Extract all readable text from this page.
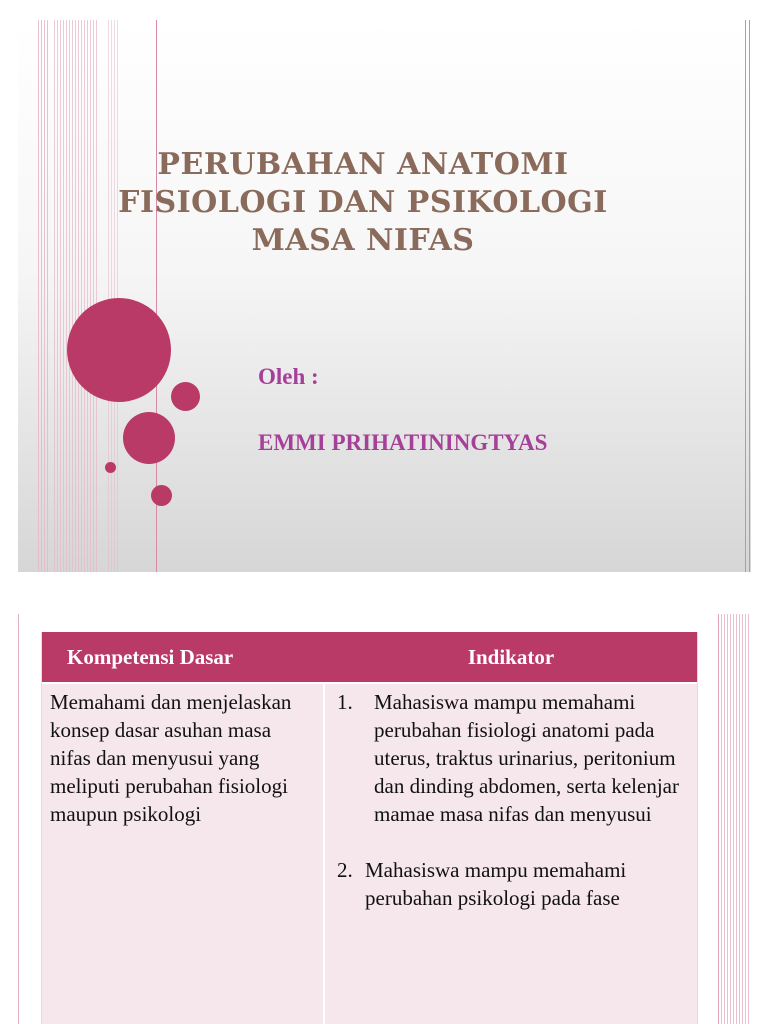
PERUBAHAN ANATOMI
FISIOLOGI DAN PSIKOLOGI
MASA NIFAS
Oleh :
EMMI PRIHATININGTYAS
Kompetensi Dasar	Indikator
Memahami dan menjelaskan konsep dasar asuhan masa nifas dan menyusui yang meliputi perubahan fisiologi maupun psikologi
1.	Mahasiswa mampu memahami perubahan fisiologi anatomi pada uterus, traktus urinarius, peritonium dan dinding abdomen, serta kelenjar mamae masa nifas dan menyusui
2. Mahasiswa mampu memahami perubahan psikologi pada fase
